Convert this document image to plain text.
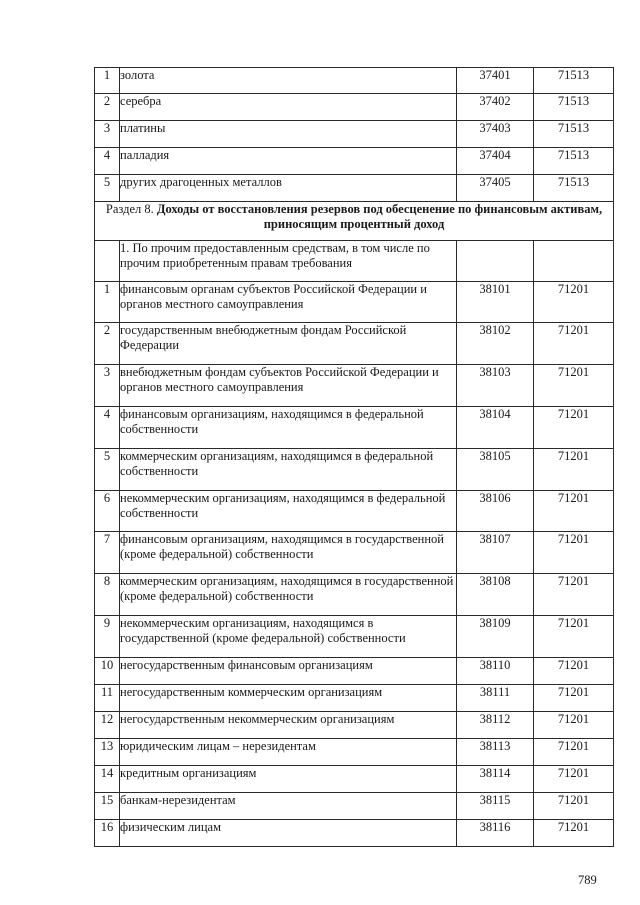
1	золота	37401	71513
2	серебра	37402	71513
3	платины	37403	71513
4	палладия	37404	71513
5	других драгоценных металлов	37405	71513
Раздел 8. Доходы от восстановления резервов под обесценение по финансовым активам, приносящим процентный доход			
	1. По прочим предоставленным средствам, в том числе по прочим приобретенным правам требования		
1	финансовым органам субъектов Российской Федерации и органов местного самоуправления	38101	71201
2	государственным внебюджетным фондам Российской Федерации	38102	71201
3	внебюджетным фондам субъектов Российской Федерации и органов местного самоуправления	38103	71201
4	финансовым организациям, находящимся в федеральной собственности	38104	71201
5	коммерческим организациям, находящимся в федеральной собственности	38105	71201
6	некоммерческим организациям, находящимся в федеральной собственности	38106	71201
7	финансовым организациям, находящимся в государственной (кроме федеральной) собственности	38107	71201
8	коммерческим организациям, находящимся в государственной (кроме федеральной) собственности	38108	71201
9	некоммерческим организациям, находящимся в государственной (кроме федеральной) собственности	38109	71201
10	негосударственным финансовым организациям	38110	71201
11	негосударственным коммерческим организациям	38111	71201
12	негосударственным некоммерческим организациям	38112	71201
13	юридическим лицам – нерезидентам	38113	71201
14	кредитным организациям	38114	71201
15	банкам-нерезидентам	38115	71201
16	физическим лицам	38116	71201
789
